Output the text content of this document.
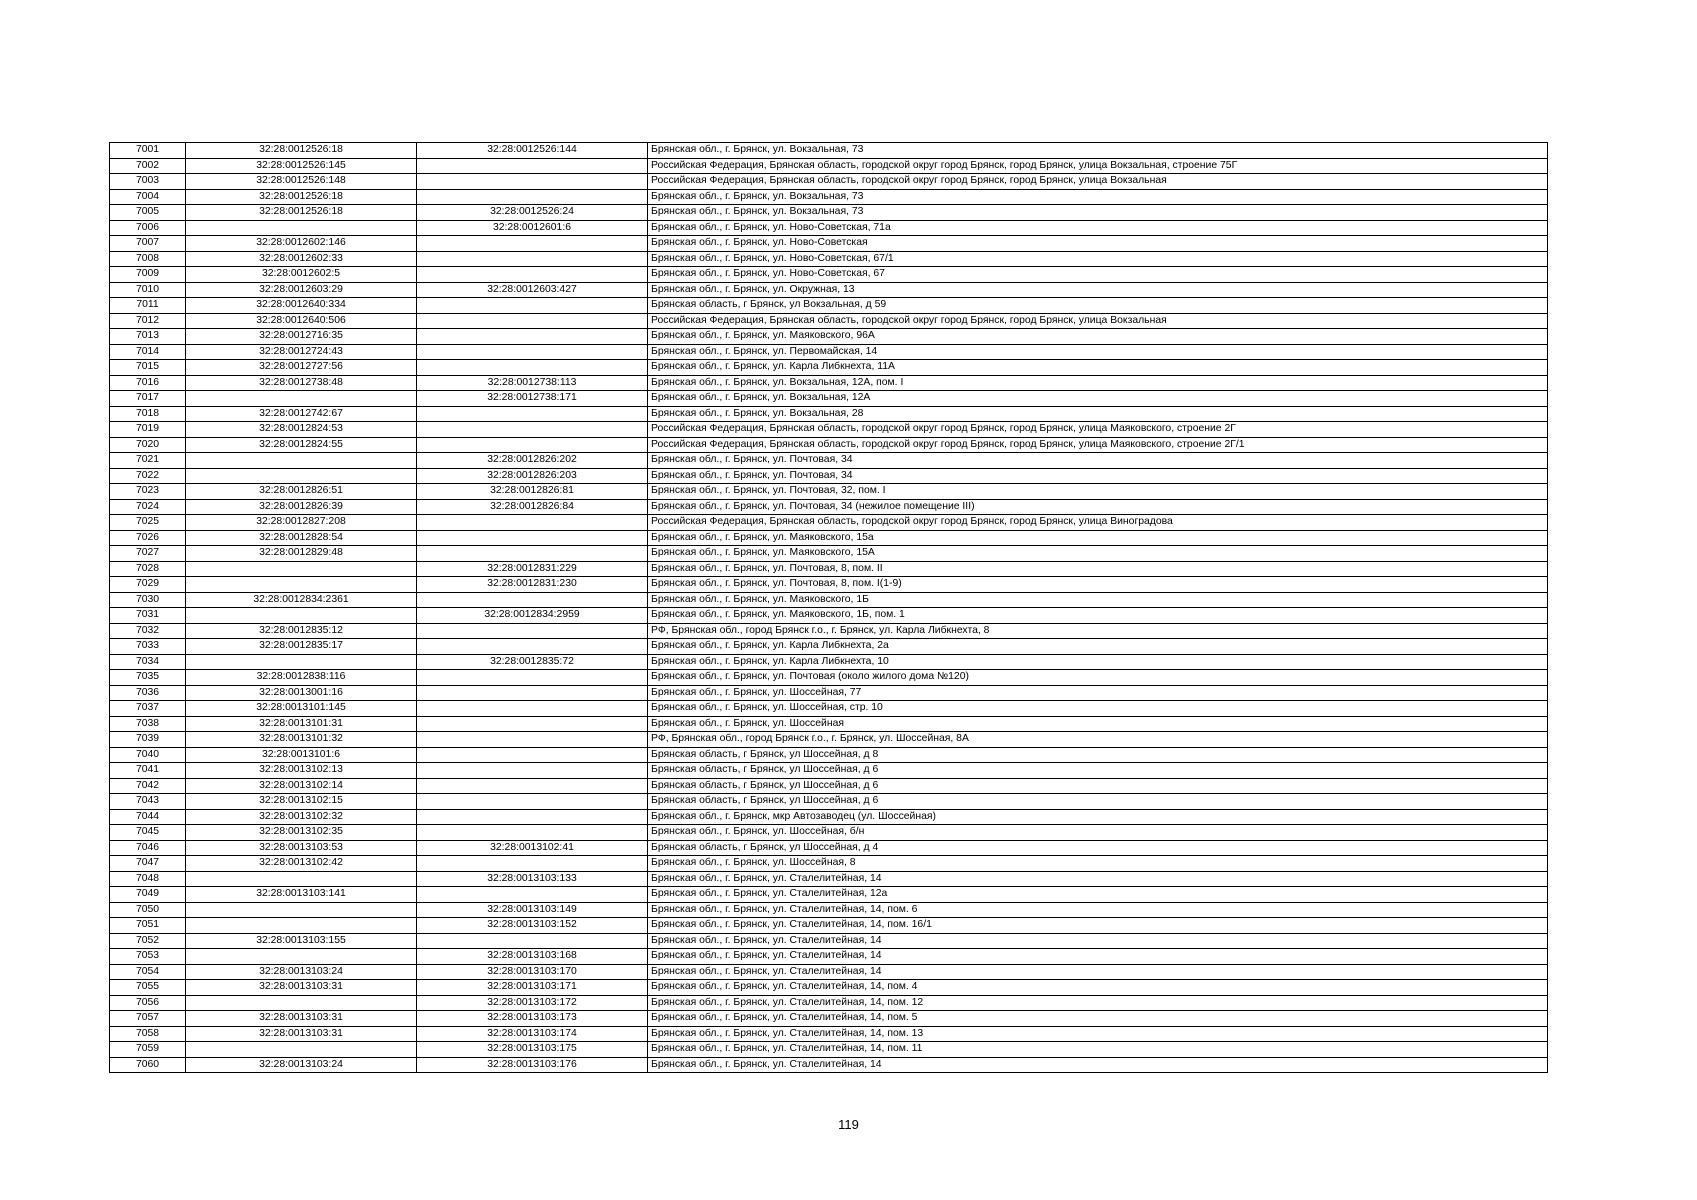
7001	32:28:0012526:18	32:28:0012526:144	Брянская обл., г. Брянск, ул. Вокзальная, 73
7002	32:28:0012526:145		Российская Федерация, Брянская область, городской округ город Брянск, город Брянск, улица Вокзальная, строение 75Г
7003	32:28:0012526:148		Российская Федерация, Брянская область, городской округ город Брянск, город Брянск, улица Вокзальная
7004	32:28:0012526:18		Брянская обл., г. Брянск, ул. Вокзальная, 73
7005	32:28:0012526:18	32:28:0012526:24	Брянская обл., г. Брянск, ул. Вокзальная, 73
7006		32:28:0012601:6	Брянская обл., г. Брянск, ул. Ново-Советская, 71а
7007	32:28:0012602:146		Брянская обл., г. Брянск, ул. Ново-Советская
7008	32:28:0012602:33		Брянская обл., г. Брянск, ул. Ново-Советская, 67/1
7009	32:28:0012602:5		Брянская обл., г. Брянск, ул. Ново-Советская, 67
7010	32:28:0012603:29	32:28:0012603:427	Брянская обл., г. Брянск, ул. Окружная, 13
7011	32:28:0012640:334		Брянская область, г Брянск, ул Вокзальная, д 59
7012	32:28:0012640:506		Российская Федерация, Брянская область, городской округ город Брянск, город Брянск, улица Вокзальная
7013	32:28:0012716:35		Брянская обл., г. Брянск, ул. Маяковского, 96А
7014	32:28:0012724:43		Брянская обл., г. Брянск, ул. Первомайская, 14
7015	32:28:0012727:56		Брянская обл., г. Брянск, ул. Карла Либкнехта, 11А
7016	32:28:0012738:48	32:28:0012738:113	Брянская обл., г. Брянск, ул. Вокзальная, 12А, пом. I
7017		32:28:0012738:171	Брянская обл., г. Брянск, ул. Вокзальная, 12А
7018	32:28:0012742:67		Брянская обл., г. Брянск, ул. Вокзальная, 28
7019	32:28:0012824:53		Российская Федерация, Брянская область, городской округ город Брянск, город Брянск, улица Маяковского, строение 2Г
7020	32:28:0012824:55		Российская Федерация, Брянская область, городской округ город Брянск, город Брянск, улица Маяковского, строение 2Г/1
7021		32:28:0012826:202	Брянская обл., г. Брянск, ул. Почтовая, 34
7022		32:28:0012826:203	Брянская обл., г. Брянск, ул. Почтовая, 34
7023	32:28:0012826:51	32:28:0012826:81	Брянская обл., г. Брянск, ул. Почтовая, 32, пом. I
7024	32:28:0012826:39	32:28:0012826:84	Брянская обл., г. Брянск, ул. Почтовая, 34 (нежилое помещение III)
7025	32:28:0012827:208		Российская Федерация, Брянская область, городской округ город Брянск, город Брянск, улица Виноградова
7026	32:28:0012828:54		Брянская обл., г. Брянск, ул. Маяковского, 15а
7027	32:28:0012829:48		Брянская обл., г. Брянск, ул. Маяковского, 15А
7028		32:28:0012831:229	Брянская обл., г. Брянск, ул. Почтовая, 8, пом. II
7029		32:28:0012831:230	Брянская обл., г. Брянск, ул. Почтовая, 8, пом. I(1-9)
7030	32:28:0012834:2361		Брянская обл., г. Брянск, ул. Маяковского, 1Б
7031		32:28:0012834:2959	Брянская обл., г. Брянск, ул. Маяковского, 1Б, пом. 1
7032	32:28:0012835:12		РФ, Брянская обл., город Брянск г.о., г. Брянск, ул. Карла Либкнехта, 8
7033	32:28:0012835:17		Брянская обл., г. Брянск, ул. Карла Либкнехта, 2а
7034		32:28:0012835:72	Брянская обл., г. Брянск, ул. Карла Либкнехта, 10
7035	32:28:0012838:116		Брянская обл., г. Брянск, ул. Почтовая (около жилого дома №120)
7036	32:28:0013001:16		Брянская обл., г. Брянск, ул. Шоссейная, 77
7037	32:28:0013101:145		Брянская обл., г. Брянск, ул. Шоссейная, стр. 10
7038	32:28:0013101:31		Брянская обл., г. Брянск, ул. Шоссейная
7039	32:28:0013101:32		РФ, Брянская обл., город Брянск г.о., г. Брянск, ул. Шоссейная, 8А
7040	32:28:0013101:6		Брянская область, г Брянск, ул Шоссейная, д 8
7041	32:28:0013102:13		Брянская область, г Брянск, ул Шоссейная, д 6
7042	32:28:0013102:14		Брянская область, г Брянск, ул Шоссейная, д 6
7043	32:28:0013102:15		Брянская область, г Брянск, ул Шоссейная, д 6
7044	32:28:0013102:32		Брянская обл., г. Брянск, мкр Автозаводец (ул. Шоссейная)
7045	32:28:0013102:35		Брянская обл., г. Брянск, ул. Шоссейная, б/н
7046	32:28:0013103:53	32:28:0013102:41	Брянская область, г Брянск, ул Шоссейная, д 4
7047	32:28:0013102:42		Брянская обл., г. Брянск, ул. Шоссейная, 8
7048		32:28:0013103:133	Брянская обл., г. Брянск, ул. Сталелитейная, 14
7049	32:28:0013103:141		Брянская обл., г. Брянск, ул. Сталелитейная, 12а
7050		32:28:0013103:149	Брянская обл., г. Брянск, ул. Сталелитейная, 14, пом. 6
7051		32:28:0013103:152	Брянская обл., г. Брянск, ул. Сталелитейная, 14, пом. 16/1
7052	32:28:0013103:155		Брянская обл., г. Брянск, ул. Сталелитейная, 14
7053		32:28:0013103:168	Брянская обл., г. Брянск, ул. Сталелитейная, 14
7054	32:28:0013103:24	32:28:0013103:170	Брянская обл., г. Брянск, ул. Сталелитейная, 14
7055	32:28:0013103:31	32:28:0013103:171	Брянская обл., г. Брянск, ул. Сталелитейная, 14, пом. 4
7056		32:28:0013103:172	Брянская обл., г. Брянск, ул. Сталелитейная, 14, пом. 12
7057	32:28:0013103:31	32:28:0013103:173	Брянская обл., г. Брянск, ул. Сталелитейная, 14, пом. 5
7058	32:28:0013103:31	32:28:0013103:174	Брянская обл., г. Брянск, ул. Сталелитейная, 14, пом. 13
7059		32:28:0013103:175	Брянская обл., г. Брянск, ул. Сталелитейная, 14, пом. 11
7060	32:28:0013103:24	32:28:0013103:176	Брянская обл., г. Брянск, ул. Сталелитейная, 14
119
